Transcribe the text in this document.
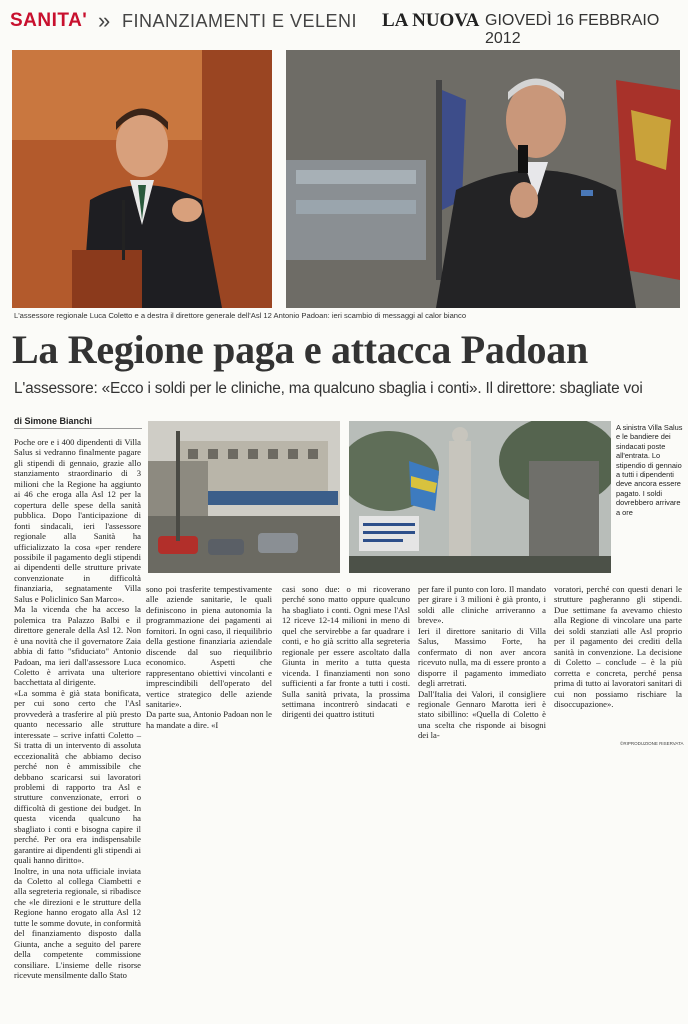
SANITA' » FINANZIAMENTI E VELENI LA NUOVA GIOVEDÌ 16 FEBBRAIO 2012
L'assessore regionale Luca Coletto e a destra il direttore generale dell'Asl 12 Antonio Padoan: ieri scambio di messaggi al calor bianco
La Regione paga e attacca Padoan
L'assessore: «Ecco i soldi per le cliniche, ma qualcuno sbaglia i conti». Il direttore: sbagliate voi
di Simone Bianchi
A sinistra Villa Salus e le bandiere dei sindacati poste all'entrata. Lo stipendio di gennaio a tutti i dipendenti deve ancora essere pagato. I soldi dovrebbero arrivare a ore

Poche ore e i 400 dipendenti di Villa Salus si vedranno finalmente pagare gli stipendi di gennaio, grazie allo stanziamento straordinario di 3 milioni che la Regione ha aggiunto ai 46 che eroga alla Asl 12 per la copertura delle spese della sanità pubblica. Dopo l'anticipazione di fonti sindacali, ieri l'assessore regionale alla Sanità ha ufficializzato la cosa «per rendere possibile il pagamento degli stipendi ai dipendenti delle strutture private convenzionate in difficoltà finanziaria, segnatamente Villa Salus e Policlinico San Marco».

Ma la vicenda che ha acceso la polemica tra Palazzo Balbi e il direttore generale della Asl 12. Non è una novità che il governatore Zaia abbia di fatto "sfiduciato" Antonio Padoan, ma ieri dall'assessore Luca Coletto è arrivata una ulteriore bacchettata al dirigente.

«La somma è già stata bonificata, per cui sono certo che l'Asl provvederà a trasferire al più presto quanto necessario alle strutture interessate – scrive infatti Coletto – Si tratta di un intervento di assoluta eccezionalità che abbiamo deciso perché non è ammissibile che debbano scaricarsi sui lavoratori problemi di rapporto tra Asl e strutture convenzionate, errori o difficoltà di gestione dei budget. In questa vicenda qualcuno ha sbagliato i conti e bisogna capire il perché. Per ora era indispensabile garantire ai dipendenti gli stipendi ai quali hanno diritto».

Inoltre, in una nota ufficiale inviata da Coletto al collega Ciambetti e alla segreteria regionale, si ribadisce che «le direzioni e le strutture della Regione hanno erogato alla Asl 12 tutte le somme dovute, in conformità del finanziamento disposto dalla Giunta, anche a seguito del parere della competente commissione consiliare. L'insieme delle risorse ricevute mensilmente dallo Stato

sono poi trasferite tempestivamente alle aziende sanitarie, le quali definiscono in piena autonomia la programmazione dei pagamenti ai fornitori. In ogni caso, il riequilibrio della gestione finanziaria aziendale discende dal suo riequilibrio economico. Aspetti che rappresentano obiettivi vincolanti e imprescindibili dell'operato del vertice strategico delle aziende sanitarie».

Da parte sua, Antonio Padoan non le ha mandate a dire. «I

casi sono due: o mi ricoverano perché sono matto oppure qualcuno ha sbagliato i conti. Ogni mese l'Asl 12 riceve 12-14 milioni in meno di quel che servirebbe a far quadrare i conti, e ho già scritto alla segreteria regionale per essere ascoltato dalla Giunta in merito a tutta questa vicenda. I finanziamenti non sono sufficienti a far fronte a tutti i costi. Sulla sanità privata, la prossima settimana incontrerò sindacati e dirigenti dei quattro istituti

per fare il punto con loro. Il mandato per girare i 3 milioni è già pronto, i soldi alle cliniche arriveranno a breve».

Ieri il direttore sanitario di Villa Salus, Massimo Forte, ha confermato di non aver ancora ricevuto nulla, ma di essere pronto a disporre il pagamento immediato degli arretrati.

Dall'Italia dei Valori, il consigliere regionale Gennaro Marotta ieri è stato sibillino: «Quella di Coletto è una scelta che risponde ai bisogni dei la-

voratori, perché con questi denari le strutture pagheranno gli stipendi. Due settimane fa avevamo chiesto alla Regione di vincolare una parte dei soldi stanziati alle Asl proprio per il pagamento dei crediti della sanità in convenzione. La decisione di Coletto – conclude – è la più corretta e concreta, perché pensa prima di tutto ai lavoratori sanitari di cui non possiamo rischiare la disoccupazione».

©RIPRODUZIONE RISERVATA
